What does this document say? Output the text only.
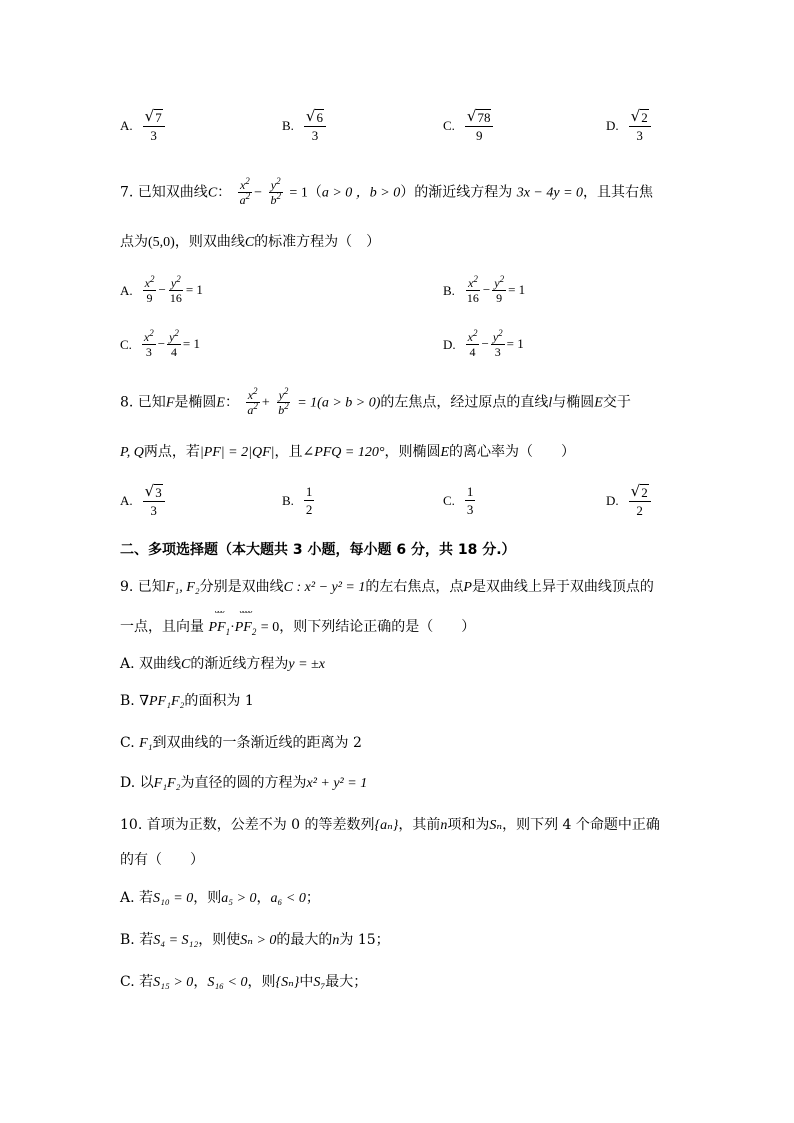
A. $\frac{√ 7}{3}$	B. $\frac{√ 6}{3}$	C. $\frac{√ 78}{9}$	D. $\frac{√ 2}{3}$
7. 已知双曲线C： $\frac{x^2}{a^2} - \frac{y^2}{b^2} = 1(a > 0$ ，b > 0）的渐近线方程为 3x − 4y = 0，且其右焦
点为(5,0)，则双曲线C的标准方程为（　）
A. $\frac{x^2}{9} - \frac{y^2}{16} = 1$	B. $\frac{x^2}{16} - \frac{y^2}{9} = 1$
C. $\frac{x^2}{3} - \frac{y^2}{4} = 1$	D. $\frac{x^2}{4} - \frac{y^2}{3} = 1$
8. 已知F是椭圆E： $\frac{x^2}{a^2} + \frac{y^2}{b^2} = 1(a > b > 0)$的左焦点，经过原点的直线l与椭圆E交于
P, Q两点，若|PF| = 2|QF|，且∠PFQ = 120°，则椭圆E的离心率为（　　）
A. $\frac{√ 3}{3}$	B. $\frac{1}{2}$	C. $\frac{1}{3}$	D. $\frac{√ 2}{2}$
二、多项选择题（本大题共 3 小题，每小题 6 分，共 18 分.）
9. 已知F₁, F₂分别是双曲线C : x² − y² = 1的左右焦点，点P是双曲线上异于双曲线顶点的
一点，且向量
ᴗᴗᴗ
$PF_1\cdot$
ᴗᴗᴗᴗ
$PF_2 = 0$，则下列结论正确的是（　　）
A. 双曲线C的渐近线方程为y = ±x
B. ∇PF₁F₂的面积为 1
C. F₁到双曲线的一条渐近线的距离为 2
D. 以F₁F₂为直径的圆的方程为x² + y² = 1
10. 首项为正数，公差不为 0 的等差数列{aₙ}，其前n项和为Sₙ，则下列 4 个命题中正确
的有（　　）
A. 若S₁₀ = 0，则a₅ > 0，a₆ < 0；
B. 若S₄ = S₁₂，则使Sₙ > 0的最大的n为 15；
C. 若S₁₅ > 0，S₁₆ < 0，则{Sₙ}中S₇最大；
